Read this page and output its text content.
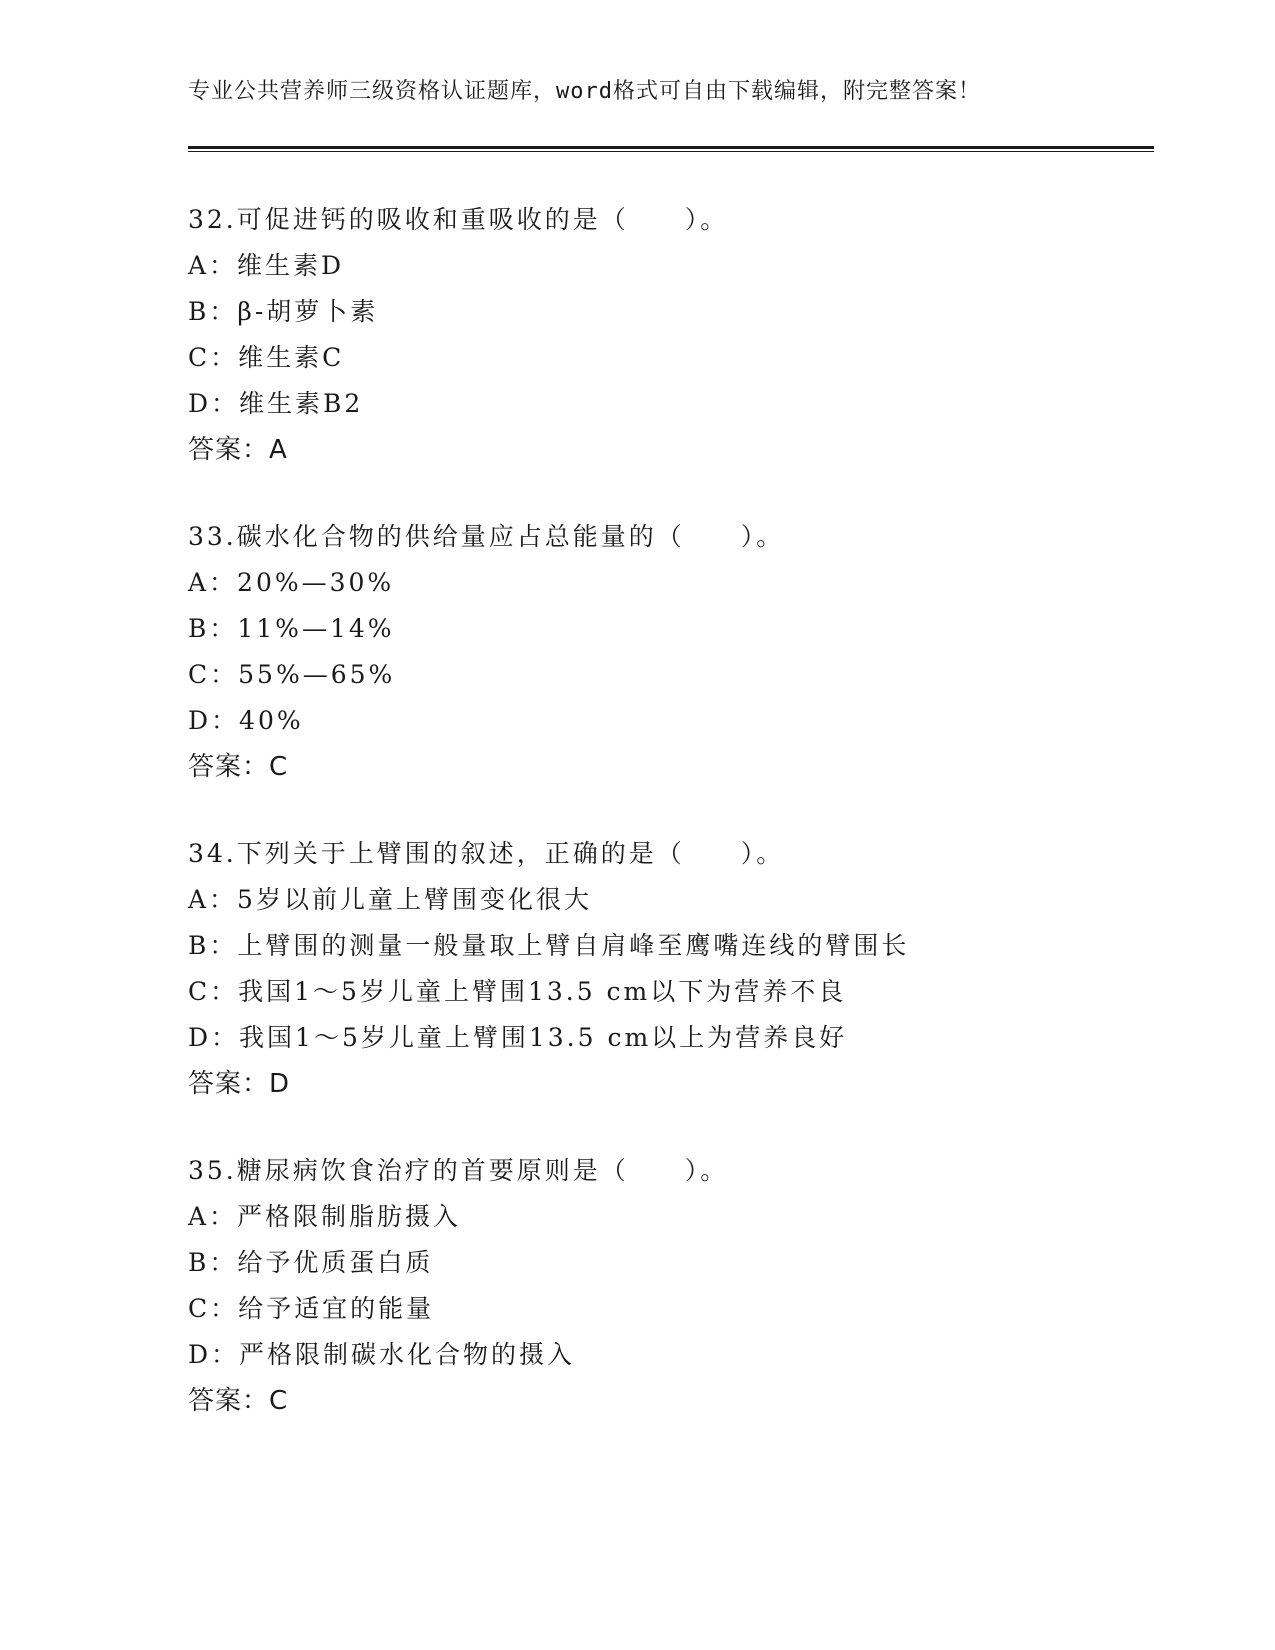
专业公共营养师三级资格认证题库，word格式可自由下载编辑，附完整答案！
32.可促进钙的吸收和重吸收的是（　　）。
A：维生素D
B：β-胡萝卜素
C：维生素C
D：维生素B2
答案：A
33.碳水化合物的供给量应占总能量的（　　）。
A：20%—30%
B：11%—14%
C：55%—65%
D：40%
答案：C
34.下列关于上臂围的叙述，正确的是（　　）。
A：5岁以前儿童上臂围变化很大
B：上臂围的测量一般量取上臂自肩峰至鹰嘴连线的臂围长
C：我国1～5岁儿童上臂围13.5 cm以下为营养不良
D：我国1～5岁儿童上臂围13.5 cm以上为营养良好
答案：D
35.糖尿病饮食治疗的首要原则是（　　）。
A：严格限制脂肪摄入
B：给予优质蛋白质
C：给予适宜的能量
D：严格限制碳水化合物的摄入
答案：C
